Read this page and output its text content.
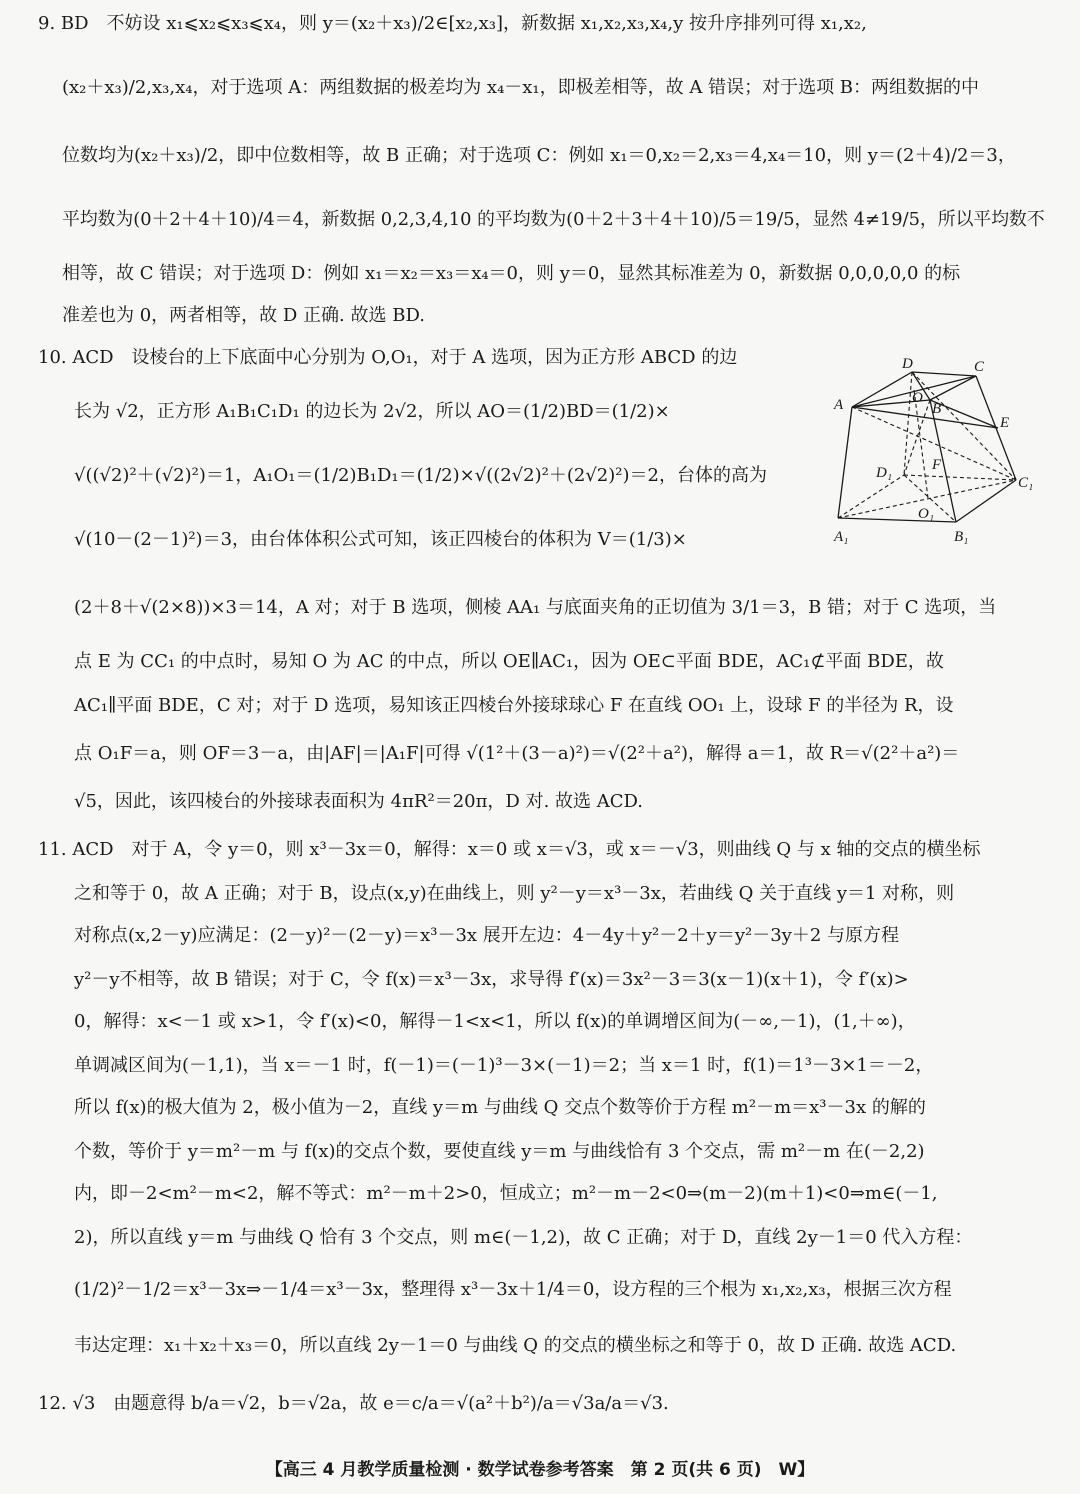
9. BD　不妨设 x₁⩽x₂⩽x₃⩽x₄，则 y＝(x₂＋x₃)/2∈[x₂,x₃]，新数据 x₁,x₂,x₃,x₄,y 按升序排列可得 x₁,x₂,
(x₂＋x₃)/2,x₃,x₄，对于选项 A：两组数据的极差均为 x₄－x₁，即极差相等，故 A 错误；对于选项 B：两组数据的中
位数均为(x₂＋x₃)/2，即中位数相等，故 B 正确；对于选项 C：例如 x₁＝0,x₂＝2,x₃＝4,x₄＝10，则 y＝(2＋4)/2＝3，
平均数为(0＋2＋4＋10)/4＝4，新数据 0,2,3,4,10 的平均数为(0＋2＋3＋4＋10)/5＝19/5，显然 4≠19/5，所以平均数不
相等，故 C 错误；对于选项 D：例如 x₁＝x₂＝x₃＝x₄＝0，则 y＝0，显然其标准差为 0，新数据 0,0,0,0,0 的标
准差也为 0，两者相等，故 D 正确. 故选 BD.
10. ACD　设棱台的上下底面中心分别为 O,O₁，对于 A 选项，因为正方形 ABCD 的边
长为 √2，正方形 A₁B₁C₁D₁ 的边长为 2√2，所以 AO＝(1/2)BD＝(1/2)×
√((√2)²＋(√2)²)＝1，A₁O₁＝(1/2)B₁D₁＝(1/2)×√((2√2)²＋(2√2)²)＝2，台体的高为
√(10－(2－1)²)＝3，由台体体积公式可知，该正四棱台的体积为 V＝(1/3)×
(2＋8＋√(2×8))×3＝14，A 对；对于 B 选项，侧棱 AA₁ 与底面夹角的正切值为 3/1＝3，B 错；对于 C 选项，当
点 E 为 CC₁ 的中点时，易知 O 为 AC 的中点，所以 OE∥AC₁，因为 OE⊂平面 BDE，AC₁⊄平面 BDE，故
AC₁∥平面 BDE，C 对；对于 D 选项，易知该正四棱台外接球球心 F 在直线 OO₁ 上，设球 F 的半径为 R，设
点 O₁F＝a，则 OF＝3－a，由|AF|＝|A₁F|可得 √(1²＋(3－a)²)＝√(2²＋a²)，解得 a＝1，故 R＝√(2²＋a²)＝
√5，因此，该四棱台的外接球表面积为 4πR²＝20π，D 对. 故选 ACD.
11. ACD　对于 A，令 y＝0，则 x³－3x＝0，解得：x＝0 或 x＝√3，或 x＝－√3，则曲线 Q 与 x 轴的交点的横坐标
之和等于 0，故 A 正确；对于 B，设点(x,y)在曲线上，则 y²－y＝x³－3x，若曲线 Q 关于直线 y＝1 对称，则
对称点(x,2－y)应满足：(2－y)²－(2－y)＝x³－3x 展开左边：4－4y＋y²－2＋y＝y²－3y＋2 与原方程
y²－y不相等，故 B 错误；对于 C，令 f(x)＝x³－3x，求导得 f′(x)＝3x²－3＝3(x－1)(x＋1)，令 f′(x)>
0，解得：x<－1 或 x>1，令 f′(x)<0，解得－1<x<1，所以 f(x)的单调增区间为(－∞,－1)，(1,＋∞)，
单调减区间为(－1,1)，当 x＝－1 时，f(－1)＝(－1)³－3×(－1)＝2；当 x＝1 时，f(1)＝1³－3×1＝－2，
所以 f(x)的极大值为 2，极小值为－2，直线 y＝m 与曲线 Q 交点个数等价于方程 m²－m＝x³－3x 的解的
个数，等价于 y＝m²－m 与 f(x)的交点个数，要使直线 y＝m 与曲线恰有 3 个交点，需 m²－m 在(－2,2)
内，即－2<m²－m<2，解不等式：m²－m＋2>0，恒成立；m²－m－2<0⇒(m－2)(m＋1)<0⇒m∈(－1,
2)，所以直线 y＝m 与曲线 Q 恰有 3 个交点，则 m∈(－1,2)，故 C 正确；对于 D，直线 2y－1＝0 代入方程：
(1/2)²－1/2＝x³－3x⇒－1/4＝x³－3x，整理得 x³－3x＋1/4＝0，设方程的三个根为 x₁,x₂,x₃，根据三次方程
韦达定理：x₁＋x₂＋x₃＝0，所以直线 2y－1＝0 与曲线 Q 的交点的横坐标之和等于 0，故 D 正确. 故选 ACD.
12. √3　由题意得 b/a＝√2，b＝√2a，故 e＝c/a＝√(a²＋b²)/a＝√3a/a＝√3.
D	C
A	O
B
E
D₁	F
C₁
O₁
A₁	B₁
【高三 4 月教学质量检测 · 数学试卷参考答案　第 2 页(共 6 页)　W】
